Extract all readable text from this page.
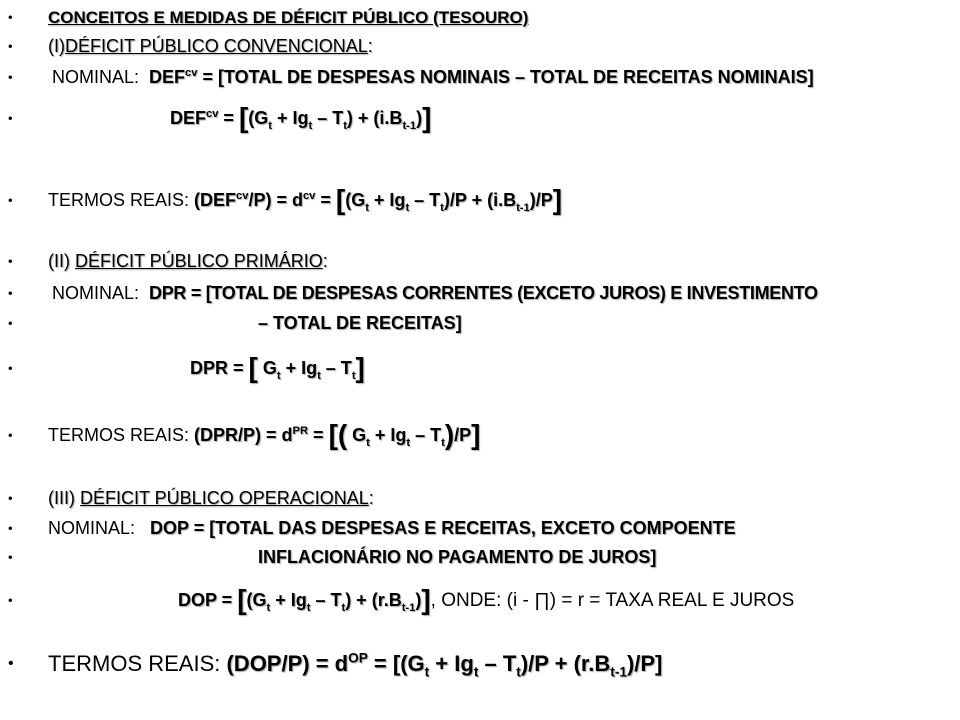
• CONCEITOS E MEDIDAS DE DÉFICIT PÚBLICO (TESOURO)
• (I) DÉFICIT PÚBLICO CONVENCIONAL :
• NOMINAL: $DEF^{cv}$ = [TOTAL DE DESPESAS NOMINAIS – TOTAL DE RECEITAS NOMINAIS]
•	$DEF^{cv} = [(G_t + Ig_t - T_t) + (i.B_{t-1})]$
• TERMOS REAIS: $(DEF^{cv}/P) = d^{cv} = [(G_t + Ig_t - T_t)/P + (i.B_{t-1})/P]$
• (II) DÉFICIT PÚBLICO PRIMÁRIO :
• NOMINAL: DPR = [TOTAL DE DESPESAS CORRENTES (EXCETO JUROS) E INVESTIMENTO
•	– TOTAL DE RECEITAS]
•	DPR = [ $G_t + Ig_t - T_t$]
• TERMOS REAIS: $(DPR/P) = d^{PR}$ = [( $G_t + Ig_t - T_t)/P$]
• (III) DÉFICIT PÚBLICO OPERACIONAL :
• NOMINAL: DOP = [TOTAL DAS DESPESAS E RECEITAS, EXCETO COMPOENTE
•	INFLACIONÁRIO NO PAGAMENTO DE JUROS]
•	DOP = $[(G_t + Ig_t - T_t) + (r.B_{t-1})]$ , ONDE: (i - ∏) = r = TAXA REAL E JUROS
• TERMOS REAIS: $(DOP/P) = d^{OP} = [(G_t + Ig_t - T_t)/P + (r.B_{t-1})/P]$
